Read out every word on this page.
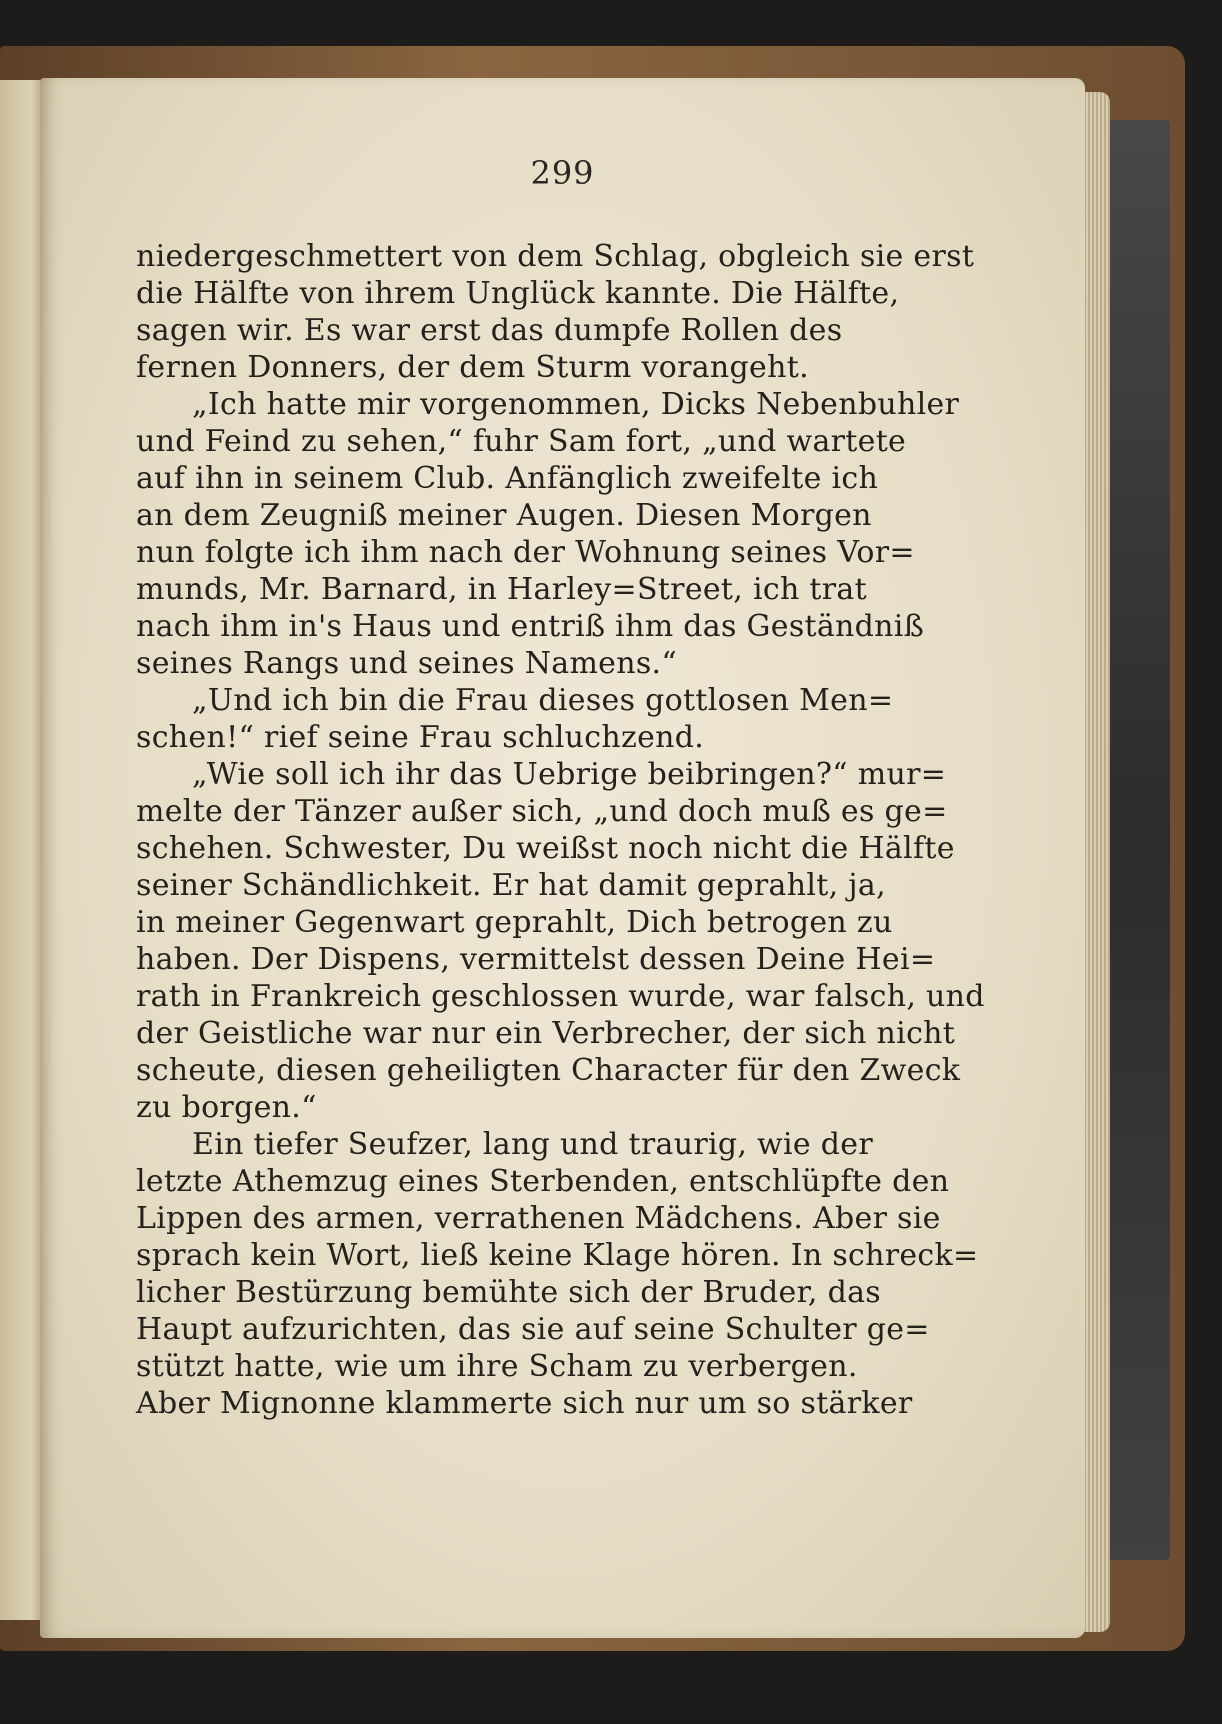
299
niedergeschmettert von dem Schlag, obgleich sie erst
die Hälfte von ihrem Unglück kannte. Die Hälfte,
sagen wir. Es war erst das dumpfe Rollen des
fernen Donners, der dem Sturm vorangeht.
„Ich hatte mir vorgenommen, Dicks Nebenbuhler
und Feind zu sehen,“ fuhr Sam fort, „und wartete
auf ihn in seinem Club. Anfänglich zweifelte ich
an dem Zeugniß meiner Augen. Diesen Morgen
nun folgte ich ihm nach der Wohnung seines Vor=
munds, Mr. Barnard, in Harley=Street, ich trat
nach ihm in's Haus und entriß ihm das Geständniß
seines Rangs und seines Namens.“
„Und ich bin die Frau dieses gottlosen Men=
schen!“ rief seine Frau schluchzend.
„Wie soll ich ihr das Uebrige beibringen?“ mur=
melte der Tänzer außer sich, „und doch muß es ge=
schehen. Schwester, Du weißst noch nicht die Hälfte
seiner Schändlichkeit. Er hat damit geprahlt, ja,
in meiner Gegenwart geprahlt, Dich betrogen zu
haben. Der Dispens, vermittelst dessen Deine Hei=
rath in Frankreich geschlossen wurde, war falsch, und
der Geistliche war nur ein Verbrecher, der sich nicht
scheute, diesen geheiligten Character für den Zweck
zu borgen.“
Ein tiefer Seufzer, lang und traurig, wie der
letzte Athemzug eines Sterbenden, entschlüpfte den
Lippen des armen, verrathenen Mädchens. Aber sie
sprach kein Wort, ließ keine Klage hören. In schreck=
licher Bestürzung bemühte sich der Bruder, das
Haupt aufzurichten, das sie auf seine Schulter ge=
stützt hatte, wie um ihre Scham zu verbergen.
Aber Mignonne klammerte sich nur um so stärker
